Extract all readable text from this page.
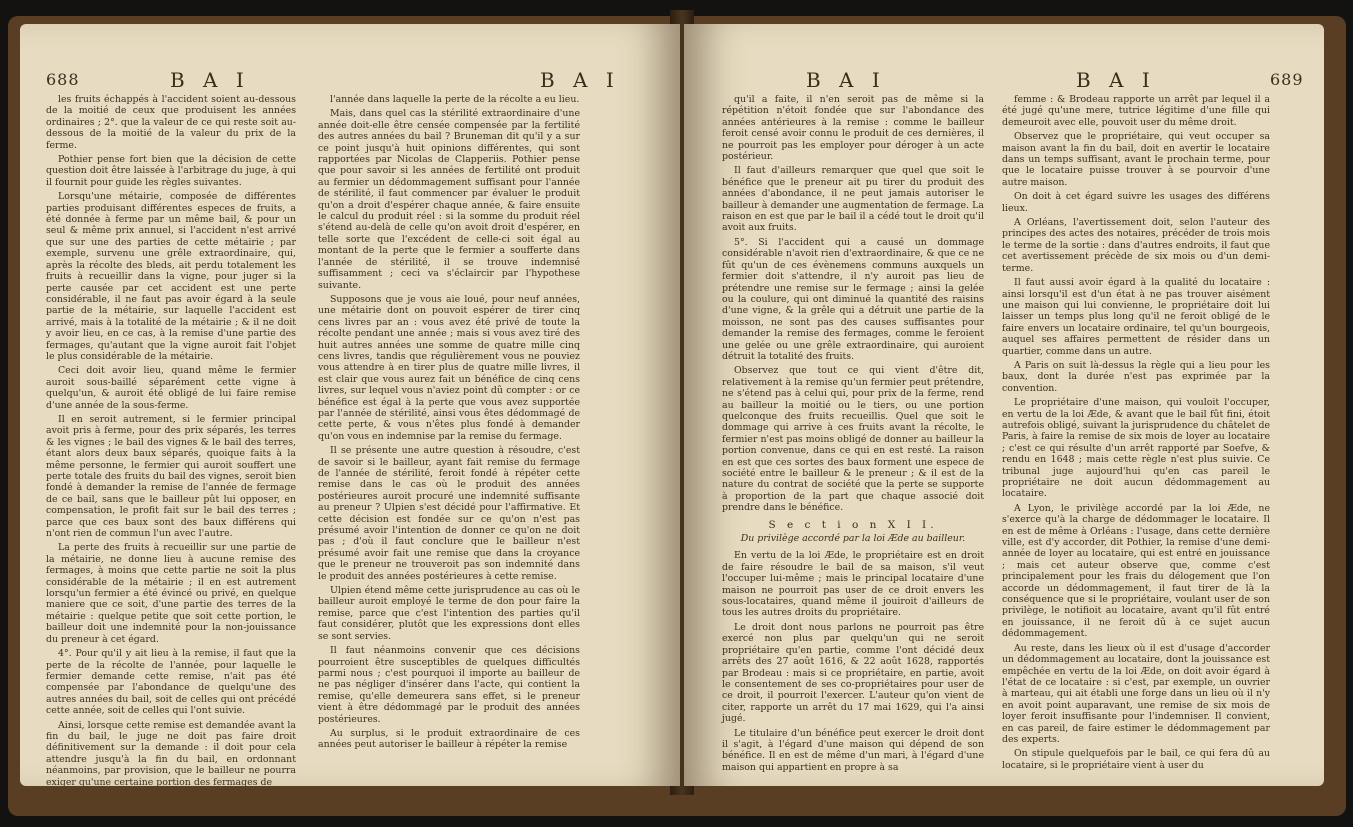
688	B A I	B A I

les fruits échappés à l'accident soient au-dessous de la moitié de ceux que produisent les années ordinaires ; 2°. que la valeur de ce qui reste soit au-dessous de la moitié de la valeur du prix de la ferme.

Pothier pense fort bien que la décision de cette question doit être laissée à l'arbitrage du juge, à qui il fournit pour guide les règles suivantes.

Lorsqu'une métairie, composée de différentes parties produisant différentes especes de fruits, a été donnée à ferme par un même bail, & pour un seul & même prix annuel, si l'accident n'est arrivé que sur une des parties de cette métairie ; par exemple, survenu une grêle extraordinaire, qui, après la récolte des bleds, ait perdu totalement les fruits à recueillir dans la vigne, pour juger si la perte causée par cet accident est une perte considérable, il ne faut pas avoir égard à la seule partie de la métairie, sur laquelle l'accident est arrivé, mais à la totalité de la métairie ; & il ne doit y avoir lieu, en ce cas, à la remise d'une partie des fermages, qu'autant que la vigne auroit fait l'objet le plus considérable de la métairie.

Ceci doit avoir lieu, quand même le fermier auroit sous-baillé séparément cette vigne à quelqu'un, & auroit été obligé de lui faire remise d'une année de la sous-ferme.

Il en seroit autrement, si le fermier principal avoit pris à ferme, pour des prix séparés, les terres & les vignes ; le bail des vignes & le bail des terres, étant alors deux baux séparés, quoique faits à la même personne, le fermier qui auroit souffert une perte totale des fruits du bail des vignes, seroit bien fondé à demander la remise de l'année de fermage de ce bail, sans que le bailleur pût lui opposer, en compensation, le profit fait sur le bail des terres ; parce que ces baux sont des baux différens qui n'ont rien de commun l'un avec l'autre.

La perte des fruits à recueillir sur une partie de la métairie, ne donne lieu à aucune remise des fermages, à moins que cette partie ne soit la plus considérable de la métairie ; il en est autrement lorsqu'un fermier a été évincé ou privé, en quelque maniere que ce soit, d'une partie des terres de la métairie : quelque petite que soit cette portion, le bailleur doit une indemnité pour la non-jouissance du preneur à cet égard.

4°. Pour qu'il y ait lieu à la remise, il faut que la perte de la récolte de l'année, pour laquelle le fermier demande cette remise, n'ait pas été compensée par l'abondance de quelqu'une des autres années du bail, soit de celles qui ont précédé cette année, soit de celles qui l'ont suivie.

Ainsi, lorsque cette remise est demandée avant la fin du bail, le juge ne doit pas faire droit définitivement sur la demande : il doit pour cela attendre jusqu'à la fin du bail, en ordonnant néanmoins, par provision, que le bailleur ne pourra exiger qu'une certaine portion des fermages de

l'année dans laquelle la perte de la récolte a eu lieu.

Mais, dans quel cas la stérilité extraordinaire d'une année doit-elle être censée compensée par la fertilité des autres années du bail ? Bruneman dit qu'il y a sur ce point jusqu'à huit opinions différentes, qui sont rapportées par Nicolas de Clapperiis. Pothier pense que pour savoir si les années de fertilité ont produit au fermier un dédommagement suffisant pour l'année de stérilité, il faut commencer par évaluer le produit qu'on a droit d'espérer chaque année, & faire ensuite le calcul du produit réel : si la somme du produit réel s'étend au-delà de celle qu'on avoit droit d'espérer, en telle sorte que l'excédent de celle-ci soit égal au montant de la perte que le fermier a soufferte dans l'année de stérilité, il se trouve indemnisé suffisamment ; ceci va s'éclaircir par l'hypothese suivante.

Supposons que je vous aie loué, pour neuf années, une métairie dont on pouvoit espérer de tirer cinq cens livres par an : vous avez été privé de toute la récolte pendant une année ; mais si vous avez tiré des huit autres années une somme de quatre mille cinq cens livres, tandis que régulièrement vous ne pouviez vous attendre à en tirer plus de quatre mille livres, il est clair que vous aurez fait un bénéfice de cinq cens livres, sur lequel vous n'aviez point dû compter : or ce bénéfice est égal à la perte que vous avez supportée par l'année de stérilité, ainsi vous êtes dédommagé de cette perte, & vous n'êtes plus fondé à demander qu'on vous en indemnise par la remise du fermage.

Il se présente une autre question à résoudre, c'est de savoir si le bailleur, ayant fait remise du fermage de l'année de stérilité, feroit fondé à répéter cette remise dans le cas où le produit des années postérieures auroit procuré une indemnité suffisante au preneur ? Ulpien s'est décidé pour l'affirmative. Et cette décision est fondée sur ce qu'on n'est pas présumé avoir l'intention de donner ce qu'on ne doit pas ; d'où il faut conclure que le bailleur n'est présumé avoir fait une remise que dans la croyance que le preneur ne trouveroit pas son indemnité dans le produit des années postérieures à cette remise.

Ulpien étend même cette jurisprudence au cas où le bailleur auroit employé le terme de don pour faire la remise, parce que c'est l'intention des parties qu'il faut considérer, plutôt que les expressions dont elles se sont servies.

Il faut néanmoins convenir que ces décisions pourroient être susceptibles de quelques difficultés parmi nous ; c'est pourquoi il importe au bailleur de ne pas négliger d'insérer dans l'acte, qui contient la remise, qu'elle demeurera sans effet, si le preneur vient à être dédommagé par le produit des années postérieures.

Au surplus, si le produit extraordinaire de ces années peut autoriser le bailleur à répéter la remise

B A I	B A I	689

qu'il a faite, il n'en seroit pas de même si la répétition n'étoit fondée que sur l'abondance des années antérieures à la remise : comme le bailleur feroit censé avoir connu le produit de ces dernières, il ne pourroit pas les employer pour déroger à un acte postérieur.

Il faut d'ailleurs remarquer que quel que soit le bénéfice que le preneur ait pu tirer du produit des années d'abondance, il ne peut jamais autoriser le bailleur à demander une augmentation de fermage. La raison en est que par le bail il a cédé tout le droit qu'il avoit aux fruits.

5°. Si l'accident qui a causé un dommage considérable n'avoit rien d'extraordinaire, & que ce ne fût qu'un de ces évènemens communs auxquels un fermier doit s'attendre, il n'y auroit pas lieu de prétendre une remise sur le fermage ; ainsi la gelée ou la coulure, qui ont diminué la quantité des raisins d'une vigne, & la grêle qui a détruit une partie de la moisson, ne sont pas des causes suffisantes pour demander la remise des fermages, comme le feroient une gelée ou une grêle extraordinaire, qui auroient détruit la totalité des fruits.

Observez que tout ce qui vient d'être dit, relativement à la remise qu'un fermier peut prétendre, ne s'étend pas à celui qui, pour prix de la ferme, rend au bailleur la moitié ou le tiers, ou une portion quelconque des fruits recueillis. Quel que soit le dommage qui arrive à ces fruits avant la récolte, le fermier n'est pas moins obligé de donner au bailleur la portion convenue, dans ce qui en est resté. La raison en est que ces sortes des baux forment une espece de société entre le bailleur & le preneur ; & il est de la nature du contrat de société que la perte se supporte à proportion de la part que chaque associé doit prendre dans le bénéfice.

S e c t i o n X I I.
Du privilège accordé par la loi Æde au bailleur.

En vertu de la loi Æde, le propriétaire est en droit de faire résoudre le bail de sa maison, s'il veut l'occuper lui-même ; mais le principal locataire d'une maison ne pourroit pas user de ce droit envers les sous-locataires, quand même il jouiroit d'ailleurs de tous les autres droits du propriétaire.

Le droit dont nous parlons ne pourroit pas être exercé non plus par quelqu'un qui ne seroit propriétaire qu'en partie, comme l'ont décidé deux arrêts des 27 août 1616, & 22 août 1628, rapportés par Brodeau : mais si ce propriétaire, en partie, avoit le consentement de ses co-propriétaires pour user de ce droit, il pourroit l'exercer. L'auteur qu'on vient de citer, rapporte un arrêt du 17 mai 1629, qui l'a ainsi jugé.

Le titulaire d'un bénéfice peut exercer le droit dont il s'agit, à l'égard d'une maison qui dépend de son bénéfice. Il en est de même d'un mari, à l'égard d'une maison qui appartient en propre à sa

femme : & Brodeau rapporte un arrêt par lequel il a été jugé qu'une mere, tutrice légitime d'une fille qui demeuroit avec elle, pouvoit user du même droit.

Observez que le propriétaire, qui veut occuper sa maison avant la fin du bail, doit en avertir le locataire dans un temps suffisant, avant le prochain terme, pour que le locataire puisse trouver à se pourvoir d'une autre maison.

On doit à cet égard suivre les usages des différens lieux.

A Orléans, l'avertissement doit, selon l'auteur des principes des actes des notaires, précéder de trois mois le terme de la sortie : dans d'autres endroits, il faut que cet avertissement précède de six mois ou d'un demi-terme.

Il faut aussi avoir égard à la qualité du locataire : ainsi lorsqu'il est d'un état à ne pas trouver aisément une maison qui lui convienne, le propriétaire doit lui laisser un temps plus long qu'il ne feroit obligé de le faire envers un locataire ordinaire, tel qu'un bourgeois, auquel ses affaires permettent de résider dans un quartier, comme dans un autre.

A Paris on suit là-dessus la règle qui a lieu pour les baux, dont la durée n'est pas exprimée par la convention.

Le propriétaire d'une maison, qui vouloit l'occuper, en vertu de la loi Æde, & avant que le bail fût fini, étoit autrefois obligé, suivant la jurisprudence du châtelet de Paris, à faire la remise de six mois de loyer au locataire ; c'est ce qui résulte d'un arrêt rapporté par Soefve, & rendu en 1648 ; mais cette règle n'est plus suivie. Ce tribunal juge aujourd'hui qu'en cas pareil le propriétaire ne doit aucun dédommagement au locataire.

A Lyon, le privilège accordé par la loi Æde, ne s'exerce qu'à la charge de dédommager le locataire. Il en est de même à Orléans : l'usage, dans cette dernière ville, est d'y accorder, dit Pothier, la remise d'une demi-année de loyer au locataire, qui est entré en jouissance ; mais cet auteur observe que, comme c'est principalement pour les frais du délogement que l'on accorde un dédommagement, il faut tirer de là la conséquence que si le propriétaire, voulant user de son privilège, le notifioit au locataire, avant qu'il fût entré en jouissance, il ne feroit dû à ce sujet aucun dédommagement.

Au reste, dans les lieux où il est d'usage d'accorder un dédommagement au locataire, dont la jouissance est empêchée en vertu de la loi Æde, on doit avoir égard à l'état de ce locataire : si c'est, par exemple, un ouvrier à marteau, qui ait établi une forge dans un lieu où il n'y en avoit point auparavant, une remise de six mois de loyer feroit insuffisante pour l'indemniser. Il convient, en cas pareil, de faire estimer le dédommagement par des experts.

On stipule quelquefois par le bail, ce qui fera dû au locataire, si le propriétaire vient à user du
